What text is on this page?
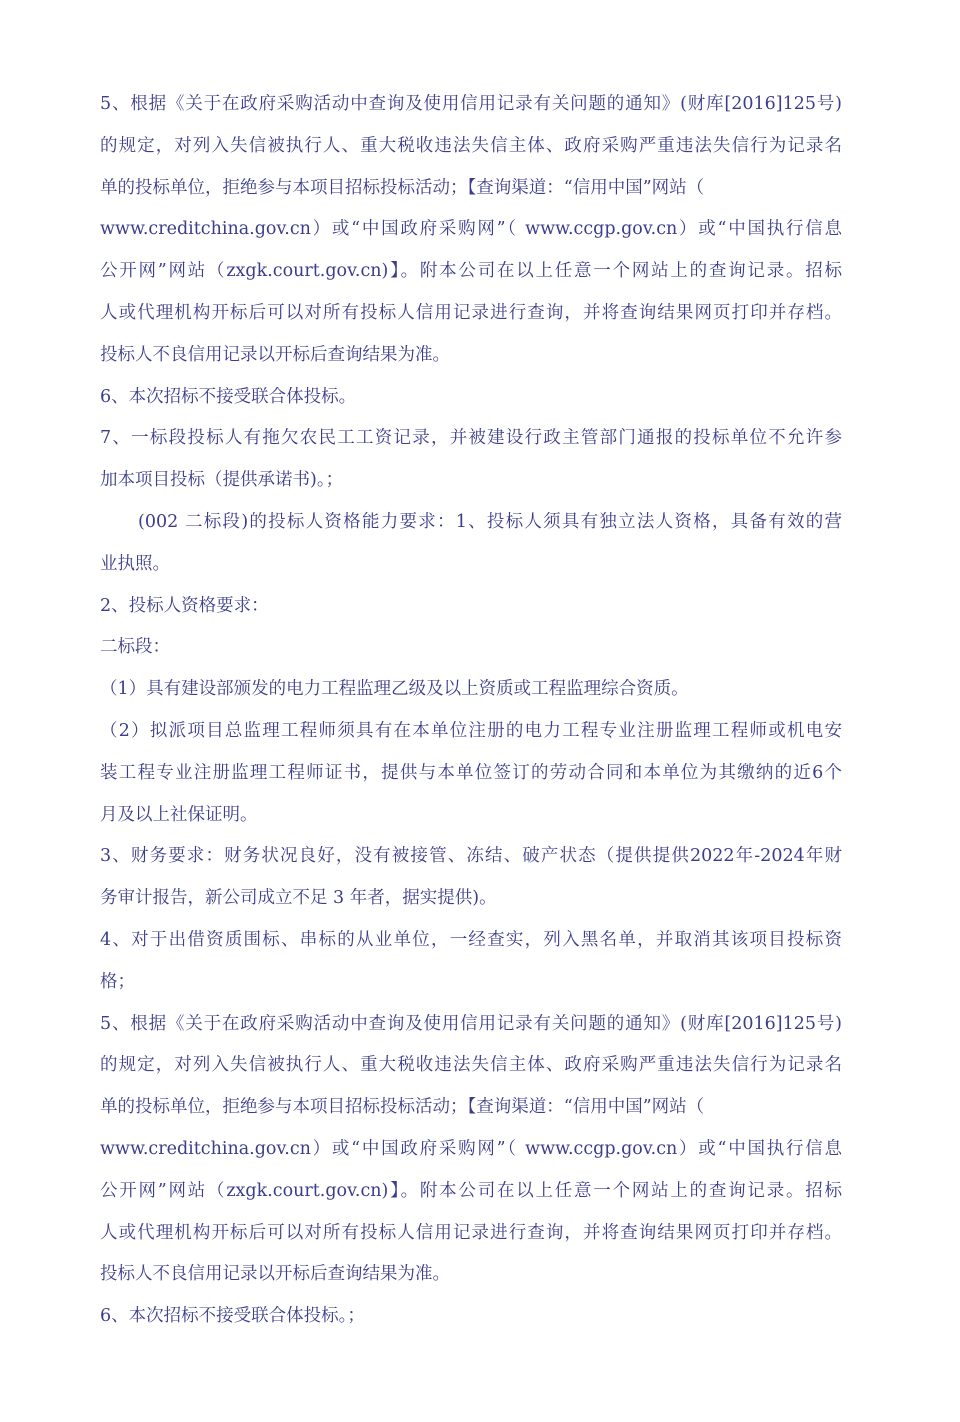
5、根据《关于在政府采购活动中查询及使用信用记录有关问题的通知》(财库[2016]125号)
的规定，对列入失信被执行人、重大税收违法失信主体、政府采购严重违法失信行为记录名
单的投标单位，拒绝参与本项目招标投标活动；【查询渠道：“信用中国”网站（
www.creditchina.gov.cn）或“中国政府采购网”（ www.ccgp.gov.cn）或“中国执行信息
公开网”网站（zxgk.court.gov.cn)】。附本公司在以上任意一个网站上的查询记录。招标
人或代理机构开标后可以对所有投标人信用记录进行查询，并将查询结果网页打印并存档。
投标人不良信用记录以开标后查询结果为准。
6、本次招标不接受联合体投标。
7、一标段投标人有拖欠农民工工资记录，并被建设行政主管部门通报的投标单位不允许参
加本项目投标（提供承诺书)。；
(002 二标段)的投标人资格能力要求：1、投标人须具有独立法人资格，具备有效的营
业执照。
2、投标人资格要求：
二标段：
（1）具有建设部颁发的电力工程监理乙级及以上资质或工程监理综合资质。
（2）拟派项目总监理工程师须具有在本单位注册的电力工程专业注册监理工程师或机电安
装工程专业注册监理工程师证书，提供与本单位签订的劳动合同和本单位为其缴纳的近6个
月及以上社保证明。
3、财务要求：财务状况良好，没有被接管、冻结、破产状态（提供提供2022年-2024年财
务审计报告，新公司成立不足 3 年者，据实提供)。
4、对于出借资质围标、串标的从业单位，一经查实，列入黑名单，并取消其该项目投标资
格；
5、根据《关于在政府采购活动中查询及使用信用记录有关问题的通知》(财库[2016]125号)
的规定，对列入失信被执行人、重大税收违法失信主体、政府采购严重违法失信行为记录名
单的投标单位，拒绝参与本项目招标投标活动；【查询渠道：“信用中国”网站（
www.creditchina.gov.cn）或“中国政府采购网”（ www.ccgp.gov.cn）或“中国执行信息
公开网”网站（zxgk.court.gov.cn)】。附本公司在以上任意一个网站上的查询记录。招标
人或代理机构开标后可以对所有投标人信用记录进行查询，并将查询结果网页打印并存档。
投标人不良信用记录以开标后查询结果为准。
6、本次招标不接受联合体投标。；
